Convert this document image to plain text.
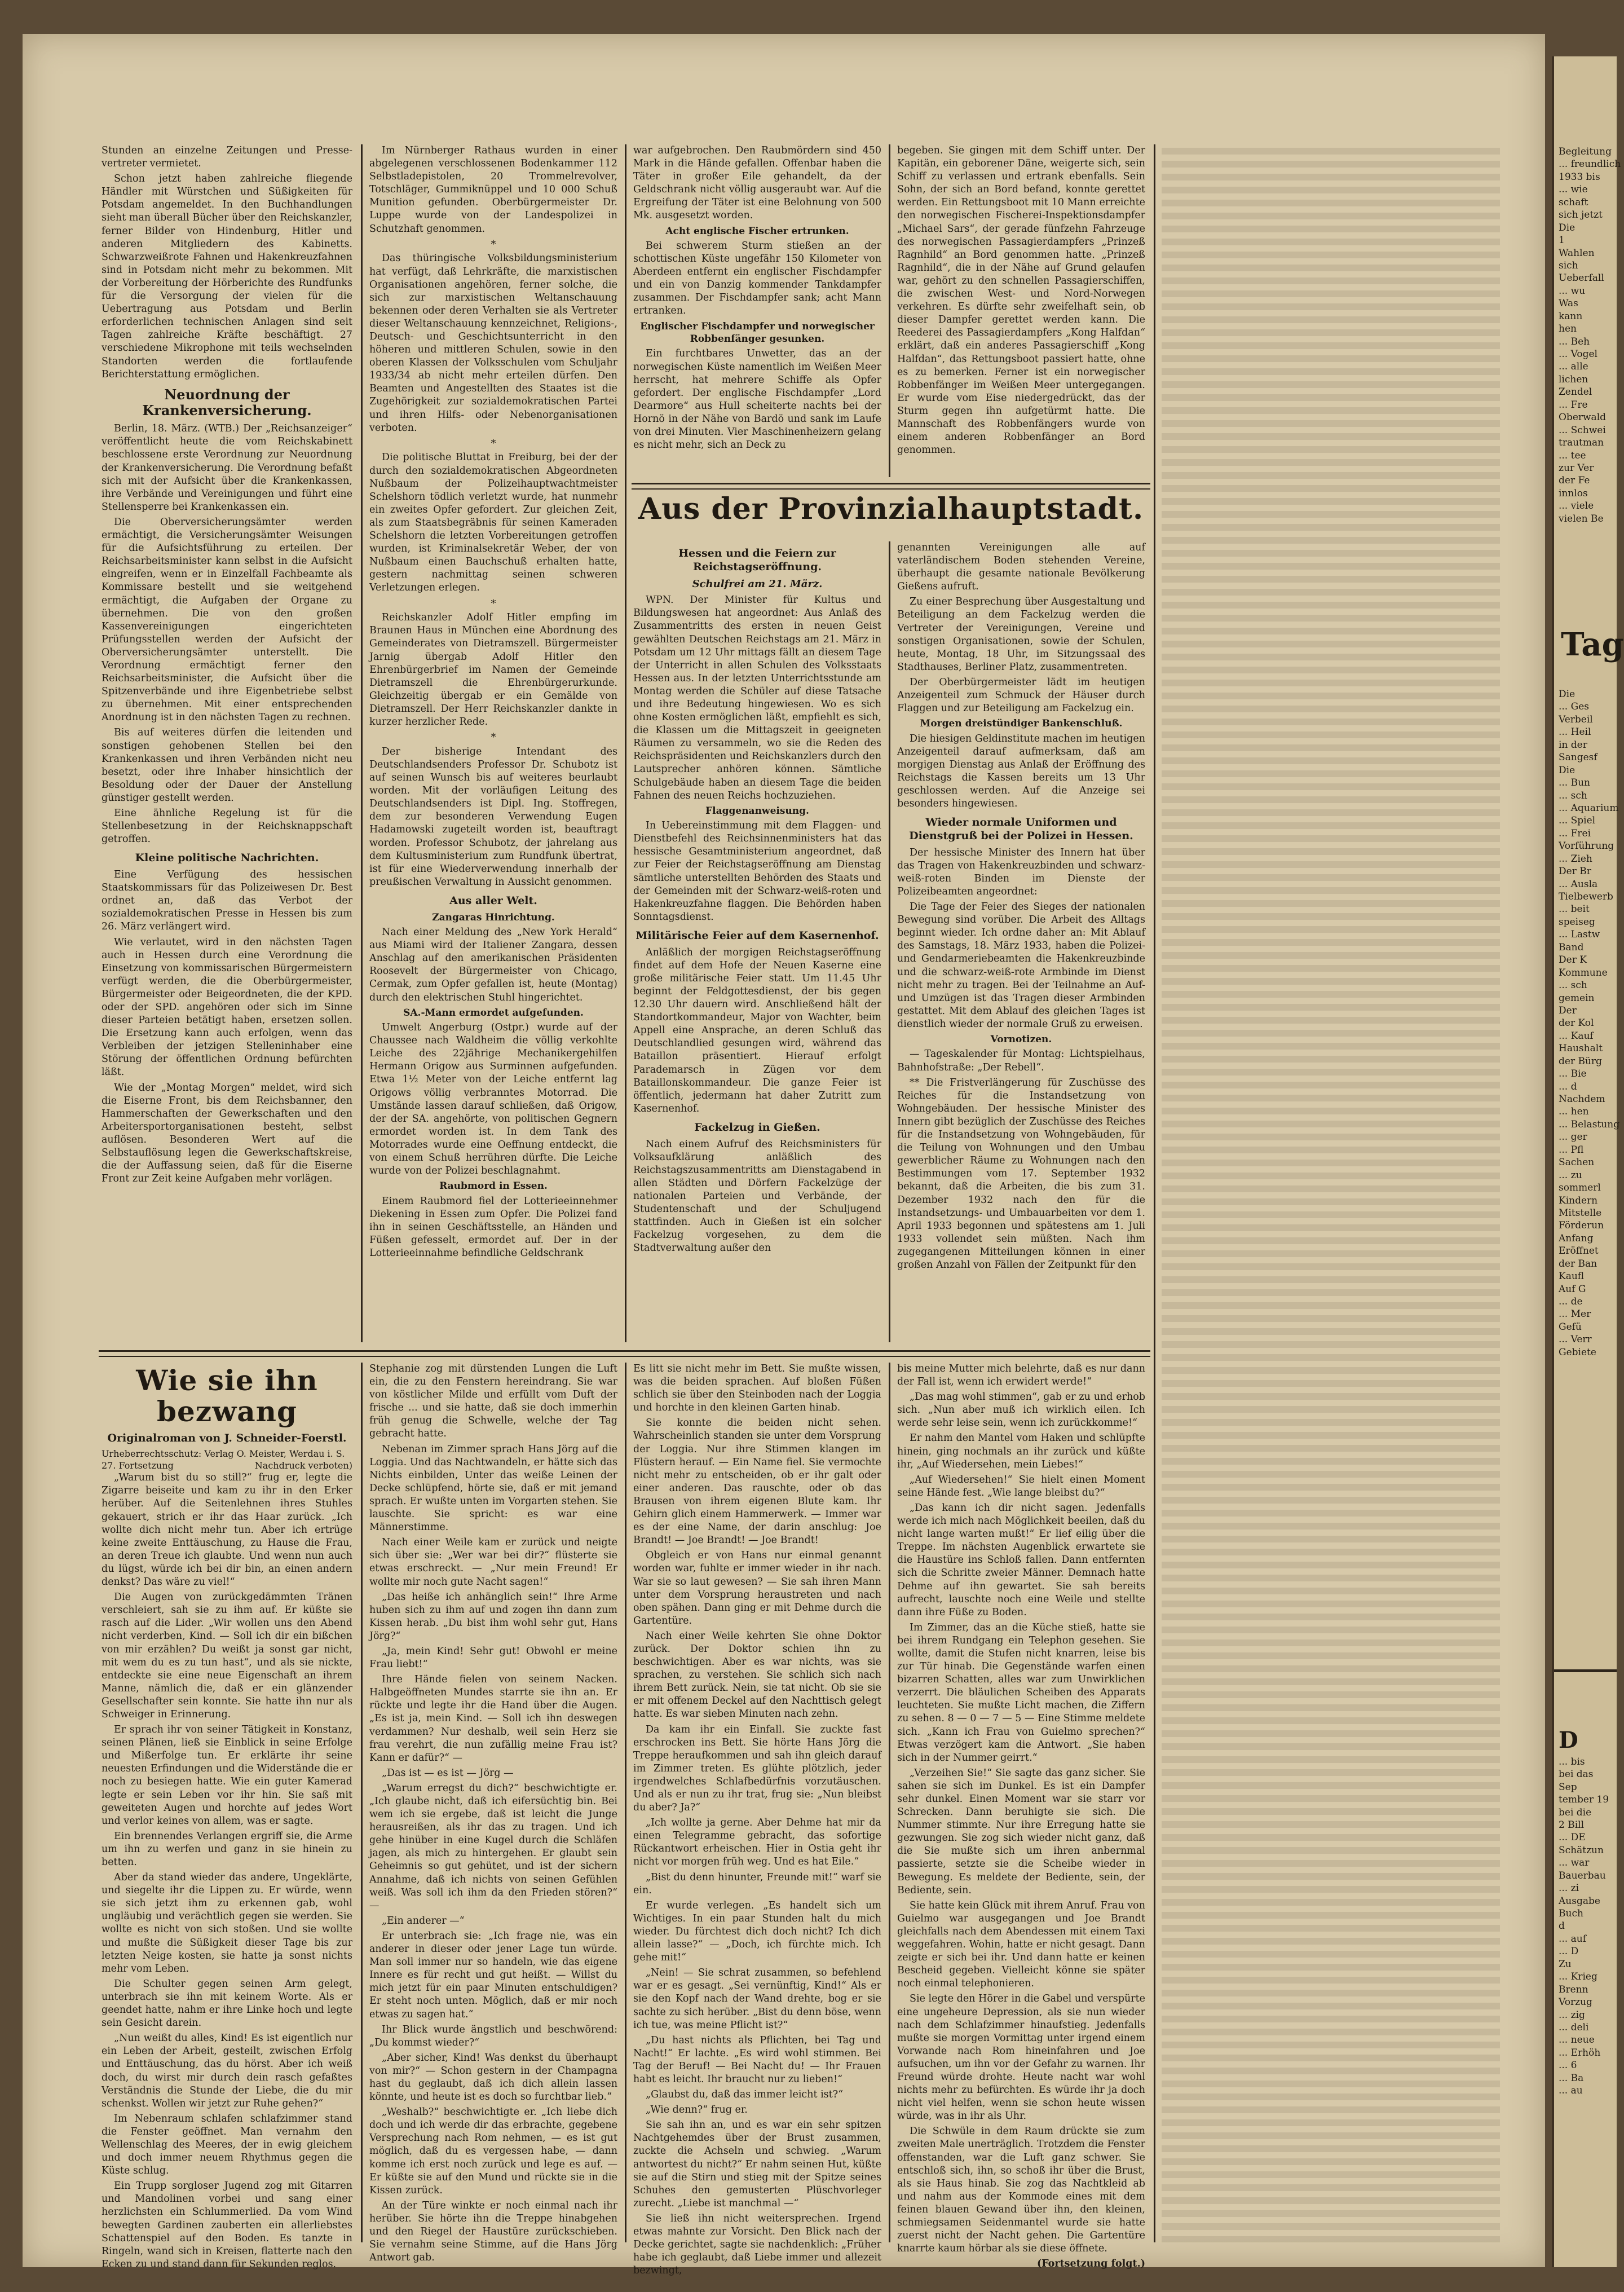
Stunden an einzelne Zeitungen und Presse-vertreter vermietet.

Schon jetzt haben zahlreiche fliegende Händler mit Würstchen und Süßigkeiten für Potsdam angemeldet. In den Buchhandlungen sieht man überall Bücher über den Reichskanzler, ferner Bilder von Hindenburg, Hitler und anderen Mitgliedern des Kabinetts. Schwarzweißrote Fahnen und Hakenkreuzfahnen sind in Potsdam nicht mehr zu bekommen. Mit der Vorbereitung der Hörberichte des Rundfunks für die Versorgung der vielen für die Uebertragung aus Potsdam und Berlin erforderlichen technischen Anlagen sind seit Tagen zahlreiche Kräfte beschäftigt. 27 verschiedene Mikrophone mit teils wechselnden Standorten werden die fortlaufende Berichterstattung ermöglichen.

Neuordnung der Krankenversicherung.

Berlin, 18. März. (WTB.) Der „Reichsanzeiger“ veröffentlicht heute die vom Reichskabinett beschlossene erste Verordnung zur Neuordnung der Krankenversicherung. Die Verordnung befaßt sich mit der Aufsicht über die Krankenkassen, ihre Verbände und Vereinigungen und führt eine Stellensperre bei Krankenkassen ein.

Die Oberversicherungsämter werden ermächtigt, die Versicherungsämter Weisungen für die Aufsichtsführung zu erteilen. Der Reichsarbeitsminister kann selbst in die Aufsicht eingreifen, wenn er in Einzelfall Fachbeamte als Kommissare bestellt und sie weitgehend ermächtigt, die Aufgaben der Organe zu übernehmen. Die von den großen Kassenvereinigungen eingerichteten Prüfungsstellen werden der Aufsicht der Oberversicherungsämter unterstellt. Die Verordnung ermächtigt ferner den Reichsarbeitsminister, die Aufsicht über die Spitzenverbände und ihre Eigenbetriebe selbst zu übernehmen. Mit einer entsprechenden Anordnung ist in den nächsten Tagen zu rechnen.

Bis auf weiteres dürfen die leitenden und sonstigen gehobenen Stellen bei den Krankenkassen und ihren Verbänden nicht neu besetzt, oder ihre Inhaber hinsichtlich der Besoldung oder der Dauer der Anstellung günstiger gestellt werden.

Eine ähnliche Regelung ist für die Stellenbesetzung in der Reichsknappschaft getroffen.

Kleine politische Nachrichten.

Eine Verfügung des hessischen Staatskommissars für das Polizeiwesen Dr. Best ordnet an, daß das Verbot der sozialdemokratischen Presse in Hessen bis zum 26. März verlängert wird.

Wie verlautet, wird in den nächsten Tagen auch in Hessen durch eine Verordnung die Einsetzung von kommissarischen Bürgermeistern verfügt werden, die die Oberbürgermeister, Bürgermeister oder Beigeordneten, die der KPD. oder der SPD. angehören oder sich im Sinne dieser Parteien betätigt haben, ersetzen sollen. Die Ersetzung kann auch erfolgen, wenn das Verbleiben der jetzigen Stelleninhaber eine Störung der öffentlichen Ordnung befürchten läßt.

Wie der „Montag Morgen“ meldet, wird sich die Eiserne Front, bis dem Reichsbanner, den Hammerschaften der Gewerkschaften und den Arbeitersportorganisationen besteht, selbst auflösen. Besonderen Wert auf die Selbstauflösung legen die Gewerkschaftskreise, die der Auffassung seien, daß für die Eiserne Front zur Zeit keine Aufgaben mehr vorlägen.

Im Nürnberger Rathaus wurden in einer abgelegenen verschlossenen Bodenkammer 112 Selbstladepistolen, 20 Trommelrevolver, Totschläger, Gummiknüppel und 10 000 Schuß Munition gefunden. Oberbürgermeister Dr. Luppe wurde von der Landespolizei in Schutzhaft genommen.

*

Das thüringische Volksbildungsministerium hat verfügt, daß Lehrkräfte, die marxistischen Organisationen angehören, ferner solche, die sich zur marxistischen Weltanschauung bekennen oder deren Verhalten sie als Vertreter dieser Weltanschauung kennzeichnet, Religions-, Deutsch- und Geschichtsunterricht in den höheren und mittleren Schulen, sowie in den oberen Klassen der Volksschulen vom Schuljahr 1933/34 ab nicht mehr erteilen dürfen. Den Beamten und Angestellten des Staates ist die Zugehörigkeit zur sozialdemokratischen Partei und ihren Hilfs- oder Nebenorganisationen verboten.

*

Die politische Bluttat in Freiburg, bei der der durch den sozialdemokratischen Abgeordneten Nußbaum der Polizeihauptwachtmeister Schelshorn tödlich verletzt wurde, hat nunmehr ein zweites Opfer gefordert. Zur gleichen Zeit, als zum Staatsbegräbnis für seinen Kameraden Schelshorn die letzten Vorbereitungen getroffen wurden, ist Kriminalsekretär Weber, der von Nußbaum einen Bauchschuß erhalten hatte, gestern nachmittag seinen schweren Verletzungen erlegen.

*

Reichskanzler Adolf Hitler empfing im Braunen Haus in München eine Abordnung des Gemeinderates von Dietramszell. Bürgermeister Jarnig übergab Adolf Hitler den Ehrenbürgerbrief im Namen der Gemeinde Dietramszell die Ehrenbürgerurkunde. Gleichzeitig übergab er ein Gemälde von Dietramszell. Der Herr Reichskanzler dankte in kurzer herzlicher Rede.

*

Der bisherige Intendant des Deutschlandsenders Professor Dr. Schubotz ist auf seinen Wunsch bis auf weiteres beurlaubt worden. Mit der vorläufigen Leitung des Deutschlandsenders ist Dipl. Ing. Stoffregen, dem zur besonderen Verwendung Eugen Hadamowski zugeteilt worden ist, beauftragt worden. Professor Schubotz, der jahrelang aus dem Kultusministerium zum Rundfunk übertrat, ist für eine Wiederverwendung innerhalb der preußischen Verwaltung in Aussicht genommen.

Aus aller Welt.
Zangaras Hinrichtung.

Nach einer Meldung des „New York Herald“ aus Miami wird der Italiener Zangara, dessen Anschlag auf den amerikanischen Präsidenten Roosevelt der Bürgermeister von Chicago, Cermak, zum Opfer gefallen ist, heute (Montag) durch den elektrischen Stuhl hingerichtet.

SA.-Mann ermordet aufgefunden.

Umwelt Angerburg (Ostpr.) wurde auf der Chaussee nach Waldheim die völlig verkohlte Leiche des 22jährige Mechanikergehilfen Hermann Origow aus Surminnen aufgefunden. Etwa 1½ Meter von der Leiche entfernt lag Origows völlig verbranntes Motorrad. Die Umstände lassen darauf schließen, daß Origow, der der SA. angehörte, von politischen Gegnern ermordet worden ist. In dem Tank des Motorrades wurde eine Oeffnung entdeckt, die von einem Schuß herrühren dürfte. Die Leiche wurde von der Polizei beschlagnahmt.

Raubmord in Essen.

Einem Raubmord fiel der Lotterieeinnehmer Diekening in Essen zum Opfer. Die Polizei fand ihn in seinen Geschäftsstelle, an Händen und Füßen gefesselt, ermordet auf. Der in der Lotterieeinnahme befindliche Geldschrank

war aufgebrochen. Den Raubmördern sind 450 Mark in die Hände gefallen. Offenbar haben die Täter in großer Eile gehandelt, da der Geldschrank nicht völlig ausgeraubt war. Auf die Ergreifung der Täter ist eine Belohnung von 500 Mk. ausgesetzt worden.

Acht englische Fischer ertrunken.

Bei schwerem Sturm stießen an der schottischen Küste ungefähr 150 Kilometer von Aberdeen entfernt ein englischer Fischdampfer und ein von Danzig kommender Tankdampfer zusammen. Der Fischdampfer sank; acht Mann ertranken.

Englischer Fischdampfer und norwegischer Robbenfänger gesunken.

Ein furchtbares Unwetter, das an der norwegischen Küste namentlich im Weißen Meer herrscht, hat mehrere Schiffe als Opfer gefordert. Der englische Fischdampfer „Lord Dearmore“ aus Hull scheiterte nachts bei der Hornö in der Nähe von Bardö und sank im Laufe von drei Minuten. Vier Maschinenheizern gelang es nicht mehr, sich an Deck zu

begeben. Sie gingen mit dem Schiff unter. Der Kapitän, ein geborener Däne, weigerte sich, sein Schiff zu verlassen und ertrank ebenfalls. Sein Sohn, der sich an Bord befand, konnte gerettet werden. Ein Rettungsboot mit 10 Mann erreichte den norwegischen Fischerei-Inspektionsdampfer „Michael Sars“, der gerade fünfzehn Fahrzeuge des norwegischen Passagierdampfers „Prinzeß Ragnhild“ an Bord genommen hatte. „Prinzeß Ragnhild“, die in der Nähe auf Grund gelaufen war, gehört zu den schnellen Passagierschiffen, die zwischen West- und Nord-Norwegen verkehren. Es dürfte sehr zweifelhaft sein, ob dieser Dampfer gerettet werden kann. Die Reederei des Passagierdampfers „Kong Halfdan“ erklärt, daß ein anderes Passagierschiff „Kong Halfdan“, das Rettungsboot passiert hatte, ohne es zu bemerken. Ferner ist ein norwegischer Robbenfänger im Weißen Meer untergegangen. Er wurde vom Eise niedergedrückt, das der Sturm gegen ihn aufgetürmt hatte. Die Mannschaft des Robbenfängers wurde von einem anderen Robbenfänger an Bord genommen.

Aus der Provinzialhauptstadt.
Hessen und die Feiern zur Reichstagseröffnung.
Schulfrei am 21. März.

WPN. Der Minister für Kultus und Bildungswesen hat angeordnet: Aus Anlaß des Zusammentritts des ersten in neuen Geist gewählten Deutschen Reichstags am 21. März in Potsdam um 12 Uhr mittags fällt an diesem Tage der Unterricht in allen Schulen des Volksstaats Hessen aus. In der letzten Unterrichtsstunde am Montag werden die Schüler auf diese Tatsache und ihre Bedeutung hingewiesen. Wo es sich ohne Kosten ermöglichen läßt, empfiehlt es sich, die Klassen um die Mittagszeit in geeigneten Räumen zu versammeln, wo sie die Reden des Reichspräsidenten und Reichskanzlers durch den Lautsprecher anhören können. Sämtliche Schulgebäude haben an diesem Tage die beiden Fahnen des neuen Reichs hochzuziehen.

Flaggenanweisung.

In Uebereinstimmung mit dem Flaggen- und Dienstbefehl des Reichsinnenministers hat das hessische Gesamtministerium angeordnet, daß zur Feier der Reichstagseröffnung am Dienstag sämtliche unterstellten Behörden des Staats und der Gemeinden mit der Schwarz-weiß-roten und Hakenkreuzfahne flaggen. Die Behörden haben Sonntagsdienst.

Militärische Feier auf dem Kasernenhof.

Anläßlich der morgigen Reichstagseröffnung findet auf dem Hofe der Neuen Kaserne eine große militärische Feier statt. Um 11.45 Uhr beginnt der Feldgottesdienst, der bis gegen 12.30 Uhr dauern wird. Anschließend hält der Standortkommandeur, Major von Wachter, beim Appell eine Ansprache, an deren Schluß das Deutschlandlied gesungen wird, während das Bataillon präsentiert. Hierauf erfolgt Parademarsch in Zügen vor dem Bataillonskommandeur. Die ganze Feier ist öffentlich, jedermann hat daher Zutritt zum Kasernenhof.

Fackelzug in Gießen.

Nach einem Aufruf des Reichsministers für Volksaufklärung anläßlich des Reichstagszusammentritts am Dienstagabend in allen Städten und Dörfern Fackelzüge der nationalen Parteien und Verbände, der Studentenschaft und der Schuljugend stattfinden. Auch in Gießen ist ein solcher Fackelzug vorgesehen, zu dem die Stadtverwaltung außer den

genannten Vereinigungen alle auf vaterländischem Boden stehenden Vereine, überhaupt die gesamte nationale Bevölkerung Gießens aufruft.

Zu einer Besprechung über Ausgestaltung und Beteiligung an dem Fackelzug werden die Vertreter der Vereinigungen, Vereine und sonstigen Organisationen, sowie der Schulen, heute, Montag, 18 Uhr, im Sitzungssaal des Stadthauses, Berliner Platz, zusammentreten.

Der Oberbürgermeister lädt im heutigen Anzeigenteil zum Schmuck der Häuser durch Flaggen und zur Beteiligung am Fackelzug ein.

Morgen dreistündiger Bankenschluß.

Die hiesigen Geldinstitute machen im heutigen Anzeigenteil darauf aufmerksam, daß am morgigen Dienstag aus Anlaß der Eröffnung des Reichstags die Kassen bereits um 13 Uhr geschlossen werden. Auf die Anzeige sei besonders hingewiesen.

Wieder normale Uniformen und Dienstgruß bei der Polizei in Hessen.

Der hessische Minister des Innern hat über das Tragen von Hakenkreuzbinden und schwarz-weiß-roten Binden im Dienste der Polizeibeamten angeordnet:

Die Tage der Feier des Sieges der nationalen Bewegung sind vorüber. Die Arbeit des Alltags beginnt wieder. Ich ordne daher an: Mit Ablauf des Samstags, 18. März 1933, haben die Polizei- und Gendarmeriebeamten die Hakenkreuzbinde und die schwarz-weiß-rote Armbinde im Dienst nicht mehr zu tragen. Bei der Teilnahme an Auf- und Umzügen ist das Tragen dieser Armbinden gestattet. Mit dem Ablauf des gleichen Tages ist dienstlich wieder der normale Gruß zu erweisen.

Vornotizen.

— Tageskalender für Montag: Lichtspielhaus, Bahnhofstraße: „Der Rebell“.

** Die Fristverlängerung für Zuschüsse des Reiches für die Instandsetzung von Wohngebäuden. Der hessische Minister des Innern gibt bezüglich der Zuschüsse des Reiches für die Instandsetzung von Wohngebäuden, für die Teilung von Wohnungen und den Umbau gewerblicher Räume zu Wohnungen nach den Bestimmungen vom 17. September 1932 bekannt, daß die Arbeiten, die bis zum 31. Dezember 1932 nach den für die Instandsetzungs- und Umbauarbeiten vor dem 1. April 1933 begonnen und spätestens am 1. Juli 1933 vollendet sein müßten. Nach ihm zugegangenen Mitteilungen können in einer großen Anzahl von Fällen der Zeitpunkt für den

Wie sie ihn bezwang
Originalroman von J. Schneider-Foerstl.
Urheberrechtsschutz: Verlag O. Meister, Werdau i. S.
27. Fortsetzung	Nachdruck verboten)

„Warum bist du so still?“ frug er, legte die Zigarre beiseite und kam zu ihr in den Erker herüber. Auf die Seitenlehnen ihres Stuhles gekauert, strich er ihr das Haar zurück. „Ich wollte dich nicht mehr tun. Aber ich ertrüge keine zweite Enttäuschung, zu Hause die Frau, an deren Treue ich glaubte. Und wenn nun auch du lügst, würde ich bei dir bin, an einen andern denkst? Das wäre zu viel!“

Die Augen von zurückgedämmten Tränen verschleiert, sah sie zu ihm auf. Er küßte sie rasch auf die Lider. „Wir wollen uns den Abend nicht verderben, Kind. — Soll ich dir ein bißchen von mir erzählen? Du weißt ja sonst gar nicht, mit wem du es zu tun hast“, und als sie nickte, entdeckte sie eine neue Eigenschaft an ihrem Manne, nämlich die, daß er ein glänzender Gesellschafter sein konnte. Sie hatte ihn nur als Schweiger in Erinnerung.

Er sprach ihr von seiner Tätigkeit in Konstanz, seinen Plänen, ließ sie Einblick in seine Erfolge und Mißerfolge tun. Er erklärte ihr seine neuesten Erfindungen und die Widerstände die er noch zu besiegen hatte. Wie ein guter Kamerad legte er sein Leben vor ihr hin. Sie saß mit geweiteten Augen und horchte auf jedes Wort und verlor keines von allem, was er sagte.

Ein brennendes Verlangen ergriff sie, die Arme um ihn zu werfen und ganz in sie hinein zu betten.

Aber da stand wieder das andere, Ungeklärte, und siegelte ihr die Lippen zu. Er würde, wenn sie sich jetzt ihm zu erkennen gab, wohl ungläubig und verächtlich gegen sie werden. Sie wollte es nicht von sich stoßen. Und sie wollte und mußte die Süßigkeit dieser Tage bis zur letzten Neige kosten, sie hatte ja sonst nichts mehr vom Leben.

Die Schulter gegen seinen Arm gelegt, unterbrach sie ihn mit keinem Worte. Als er geendet hatte, nahm er ihre Linke hoch und legte sein Gesicht darein.

„Nun weißt du alles, Kind! Es ist eigentlich nur ein Leben der Arbeit, gesteilt, zwischen Erfolg und Enttäuschung, das du hörst. Aber ich weiß doch, du wirst mir durch dein rasch gefaßtes Verständnis die Stunde der Liebe, die du mir schenkst. Wollen wir jetzt zur Ruhe gehen?“

Im Nebenraum schlafen schlafzimmer stand die Fenster geöffnet. Man vernahm den Wellenschlag des Meeres, der in ewig gleichem und doch immer neuem Rhythmus gegen die Küste schlug.

Ein Trupp sorgloser Jugend zog mit Gitarren und Mandolinen vorbei und sang einer herzlichsten ein Schlummerlied. Da vom Wind bewegten Gardinen zauberten ein allerliebstes Schattenspiel auf den Boden. Es tanzte in Ringeln, wand sich in Kreisen, flatterte nach den Ecken zu und stand dann für Sekunden reglos.

Stephanie zog mit dürstenden Lungen die Luft ein, die zu den Fenstern hereindrang. Sie war von köstlicher Milde und erfüllt vom Duft der frische ... und sie hatte, daß sie doch immerhin früh genug die Schwelle, welche der Tag gebracht hatte.

Nebenan im Zimmer sprach Hans Jörg auf die Loggia. Und das Nachtwandeln, er hätte sich das Nichts einbilden, Unter das weiße Leinen der Decke schlüpfend, hörte sie, daß er mit jemand sprach. Er wußte unten im Vorgarten stehen. Sie lauschte. Sie spricht: es war eine Männerstimme.

Nach einer Weile kam er zurück und neigte sich über sie: „Wer war bei dir?“ flüsterte sie etwas erschreckt. — „Nur mein Freund! Er wollte mir noch gute Nacht sagen!“

„Das heiße ich anhänglich sein!“ Ihre Arme huben sich zu ihm auf und zogen ihn dann zum Kissen herab. „Du bist ihm wohl sehr gut, Hans Jörg?“

„Ja, mein Kind! Sehr gut! Obwohl er meine Frau liebt!“

Ihre Hände fielen von seinem Nacken. Halbgeöffneten Mundes starrte sie ihn an. Er rückte und legte ihr die Hand über die Augen. „Es ist ja, mein Kind. — Soll ich ihn deswegen verdammen? Nur deshalb, weil sein Herz sie frau verehrt, die nun zufällig meine Frau ist? Kann er dafür?“ —

„Das ist — es ist — Jörg —

„Warum erregst du dich?“ beschwichtigte er. „Ich glaube nicht, daß ich eifersüchtig bin. Bei wem ich sie ergebe, daß ist leicht die Junge herausreißen, als ihr das zu tragen. Und ich gehe hinüber in eine Kugel durch die Schläfen jagen, als mich zu hintergehen. Er glaubt sein Geheimnis so gut gehütet, und ist der sichern Annahme, daß ich nichts von seinen Gefühlen weiß. Was soll ich ihm da den Frieden stören?“ —

„Ein anderer —“

Er unterbrach sie: „Ich frage nie, was ein anderer in dieser oder jener Lage tun würde. Man soll immer nur so handeln, wie das eigene Innere es für recht und gut heißt. — Willst du mich jetzt für ein paar Minuten entschuldigen? Er steht noch unten. Möglich, daß er mir noch etwas zu sagen hat.“

Ihr Blick wurde ängstlich und beschwörend: „Du kommst wieder?“

„Aber sicher, Kind! Was denkst du überhaupt von mir?“ — Schon gestern in der Champagna hast du geglaubt, daß ich dich allein lassen könnte, und heute ist es doch so furchtbar lieb.“

„Weshalb?“ beschwichtigte er. „Ich liebe dich doch und ich werde dir das erbrachte, gegebene Versprechung nach Rom nehmen, — es ist gut möglich, daß du es vergessen habe, — dann komme ich erst noch zurück und lege es auf. — Er küßte sie auf den Mund und rückte sie in die Kissen zurück.

An der Türe winkte er noch einmal nach ihr herüber. Sie hörte ihn die Treppe hinabgehen und den Riegel der Haustüre zurückschieben. Sie vernahm seine Stimme, auf die Hans Jörg Antwort gab.

Es litt sie nicht mehr im Bett. Sie mußte wissen, was die beiden sprachen. Auf bloßen Füßen schlich sie über den Steinboden nach der Loggia und horchte in den kleinen Garten hinab.

Sie konnte die beiden nicht sehen. Wahrscheinlich standen sie unter dem Vorsprung der Loggia. Nur ihre Stimmen klangen im Flüstern herauf. — Ein Name fiel. Sie vermochte nicht mehr zu entscheiden, ob er ihr galt oder einer anderen. Das rauschte, oder ob das Brausen von ihrem eigenen Blute kam. Ihr Gehirn glich einem Hammerwerk. — Immer war es der eine Name, der darin anschlug: Joe Brandt! — Joe Brandt! — Joe Brandt!

Obgleich er von Hans nur einmal genannt worden war, fuhlte er immer wieder in ihr nach. War sie so laut gewesen? — Sie sah ihren Mann unter dem Vorsprung heraustreten und nach oben spähen. Dann ging er mit Dehme durch die Gartentüre.

Nach einer Weile kehrten Sie ohne Doktor zurück. Der Doktor schien ihn zu beschwichtigen. Aber es war nichts, was sie sprachen, zu verstehen. Sie schlich sich nach ihrem Bett zurück. Nein, sie tat nicht. Ob sie sie er mit offenem Deckel auf den Nachttisch gelegt hatte. Es war sieben Minuten nach zehn.

Da kam ihr ein Einfall. Sie zuckte fast erschrocken ins Bett. Sie hörte Hans Jörg die Treppe heraufkommen und sah ihn gleich darauf im Zimmer treten. Es glühte plötzlich, jeder irgendwelches Schlafbedürfnis vorzutäuschen. Und als er nun zu ihr trat, frug sie: „Nun bleibst du aber? Ja?“

„Ich wollte ja gerne. Aber Dehme hat mir da einen Telegramme gebracht, das sofortige Rückantwort erheischen. Hier in Ostia geht ihr nicht vor morgen früh weg. Und es hat Eile.“

„Bist du denn hinunter, Freunde mit!“ warf sie ein.

Er wurde verlegen. „Es handelt sich um Wichtiges. In ein paar Stunden halt du mich wieder. Du fürchtest dich doch nicht? Ich dich allein lasse?“ — „Doch, ich fürchte mich. Ich gehe mit!“

„Nein! — Sie schrat zusammen, so befehlend war er es gesagt. „Sei vernünftig, Kind!“ Als er sie den Kopf nach der Wand drehte, bog er sie sachte zu sich herüber. „Bist du denn böse, wenn ich tue, was meine Pflicht ist?“

„Du hast nichts als Pflichten, bei Tag und Nacht!“ Er lachte. „Es wird wohl stimmen. Bei Tag der Beruf! — Bei Nacht du! — Ihr Frauen habt es leicht. Ihr braucht nur zu lieben!“

„Glaubst du, daß das immer leicht ist?“

„Wie denn?“ frug er.

Sie sah ihn an, und es war ein sehr spitzen Nachtgehemdes über der Brust zusammen, zuckte die Achseln und schwieg. „Warum antwortest du nicht?“ Er nahm seinen Hut, küßte sie auf die Stirn und stieg mit der Spitze seines Schuhes den gemusterten Plüschvorleger zurecht. „Liebe ist manchmal —“

Sie ließ ihn nicht weitersprechen. Irgend etwas mahnte zur Vorsicht. Den Blick nach der Decke gerichtet, sagte sie nachdenklich: „Früher habe ich geglaubt, daß Liebe immer und allezeit bezwingt,

bis meine Mutter mich belehrte, daß es nur dann der Fall ist, wenn ich erwidert werde!“

„Das mag wohl stimmen“, gab er zu und erhob sich. „Nun aber muß ich wirklich eilen. Ich werde sehr leise sein, wenn ich zurückkomme!“

Er nahm den Mantel vom Haken und schlüpfte hinein, ging nochmals an ihr zurück und küßte ihr, „Auf Wiedersehen, mein Liebes!“

„Auf Wiedersehen!“ Sie hielt einen Moment seine Hände fest. „Wie lange bleibst du?“

„Das kann ich dir nicht sagen. Jedenfalls werde ich mich nach Möglichkeit beeilen, daß du nicht lange warten mußt!“ Er lief eilig über die Treppe. Im nächsten Augenblick erwartete sie die Haustüre ins Schloß fallen. Dann entfernten sich die Schritte zweier Männer. Demnach hatte Dehme auf ihn gewartet. Sie sah bereits aufrecht, lauschte noch eine Weile und stellte dann ihre Füße zu Boden.

Im Zimmer, das an die Küche stieß, hatte sie bei ihrem Rundgang ein Telephon gesehen. Sie wollte, damit die Stufen nicht knarren, leise bis zur Tür hinab. Die Gegenstände warfen einen bizarren Schatten, alles war zum Unwirklichen verzerrt. Die bläulichen Scheiben des Apparats leuchteten. Sie mußte Licht machen, die Ziffern zu sehen. 8 — 0 — 7 — 5 — Eine Stimme meldete sich. „Kann ich Frau von Guielmo sprechen?“ Etwas verzögert kam die Antwort. „Sie haben sich in der Nummer geirrt.“

„Verzeihen Sie!“ Sie sagte das ganz sicher. Sie sahen sie sich im Dunkel. Es ist ein Dampfer sehr dunkel. Einen Moment war sie starr vor Schrecken. Dann beruhigte sie sich. Die Nummer stimmte. Nur ihre Erregung hatte sie gezwungen. Sie zog sich wieder nicht ganz, daß die Sie mußte sich um ihren anbernmal passierte, setzte sie die Scheibe wieder in Bewegung. Es meldete der Bediente, sein, der Bediente, sein.

Sie hatte kein Glück mit ihrem Anruf. Frau von Guielmo war ausgegangen und Joe Brandt gleichfalls nach dem Abendessen mit einem Taxi weggefahren. Wohin, hatte er nicht gesagt. Dann zeigte er sich bei ihr. Und dann hatte er keinen Bescheid gegeben. Vielleicht könne sie später noch einmal telephonieren.

Sie legte den Hörer in die Gabel und verspürte eine ungeheure Depression, als sie nun wieder nach dem Schlafzimmer hinaufstieg. Jedenfalls mußte sie morgen Vormittag unter irgend einem Vorwande nach Rom hineinfahren und Joe aufsuchen, um ihn vor der Gefahr zu warnen. Ihr Freund würde drohte. Heute nacht war wohl nichts mehr zu befürchten. Es würde ihr ja doch nicht viel helfen, wenn sie schon heute wissen würde, was in ihr als Uhr.

Die Schwüle in dem Raum drückte sie zum zweiten Male unerträglich. Trotzdem die Fenster offenstanden, war die Luft ganz schwer. Sie entschloß sich, ihn, so schoß ihr über die Brust, als sie Haus hinab. Sie zog das Nachtkleid ab und nahm aus der Kommode eines mit dem feinen blauen Gewand über ihn, den kleinen, schmiegsamen Seidenmantel wurde sie hatte zuerst nicht der Nacht gehen. Die Gartentüre knarrte kaum hörbar als sie diese öffnete.

(Fortsetzung folgt.)
Begleitung
... freundlich
1933 bis
... wie
schaft
sich jetzt
Die
1
Wahlen
sich
Ueberfall
... wu
Was
kann
hen
... Beh
... Vogel
... alle
lichen
Zendel
... Fre
Oberwald
... Schwei
trautman
... tee
zur Ver
der Fe
innlos
... viele
vielen Be
Tag
Die
... Ges
Verbeil
... Heil
in der
Sangesf
Die
... Bun
... sch
... Aquarium
... Spiel
... Frei
Vorführung
... Zieh
Der Br
... Ausla
Tielbewerb
... beit
speiseg
... Lastw
Band
Der K
Kommune
... sch
gemein
Der
der Kol
... Kauf
Haushalt
der Bürg
... Bie
... d
Nachdem
... hen
... Belastung
... ger
... Pfl
Sachen
... zu
sommerl
Kindern
Mitstelle
Förderun
Anfang
Eröffnet
der Ban
Kaufl
Auf G
... de
... Mer
Gefü
... Verr
Gebiete
D
... bis
bei das
Sep
tember 19
bei die
2 Bill
... DE
Schätzun
... war
Bauerbau
... zi
Ausgabe
Buch
d
... auf
... D
Zu
... Krieg
Brenn
Vorzug
... zig
... deli
... neue
... Erhöh
... 6
... Ba
... au
